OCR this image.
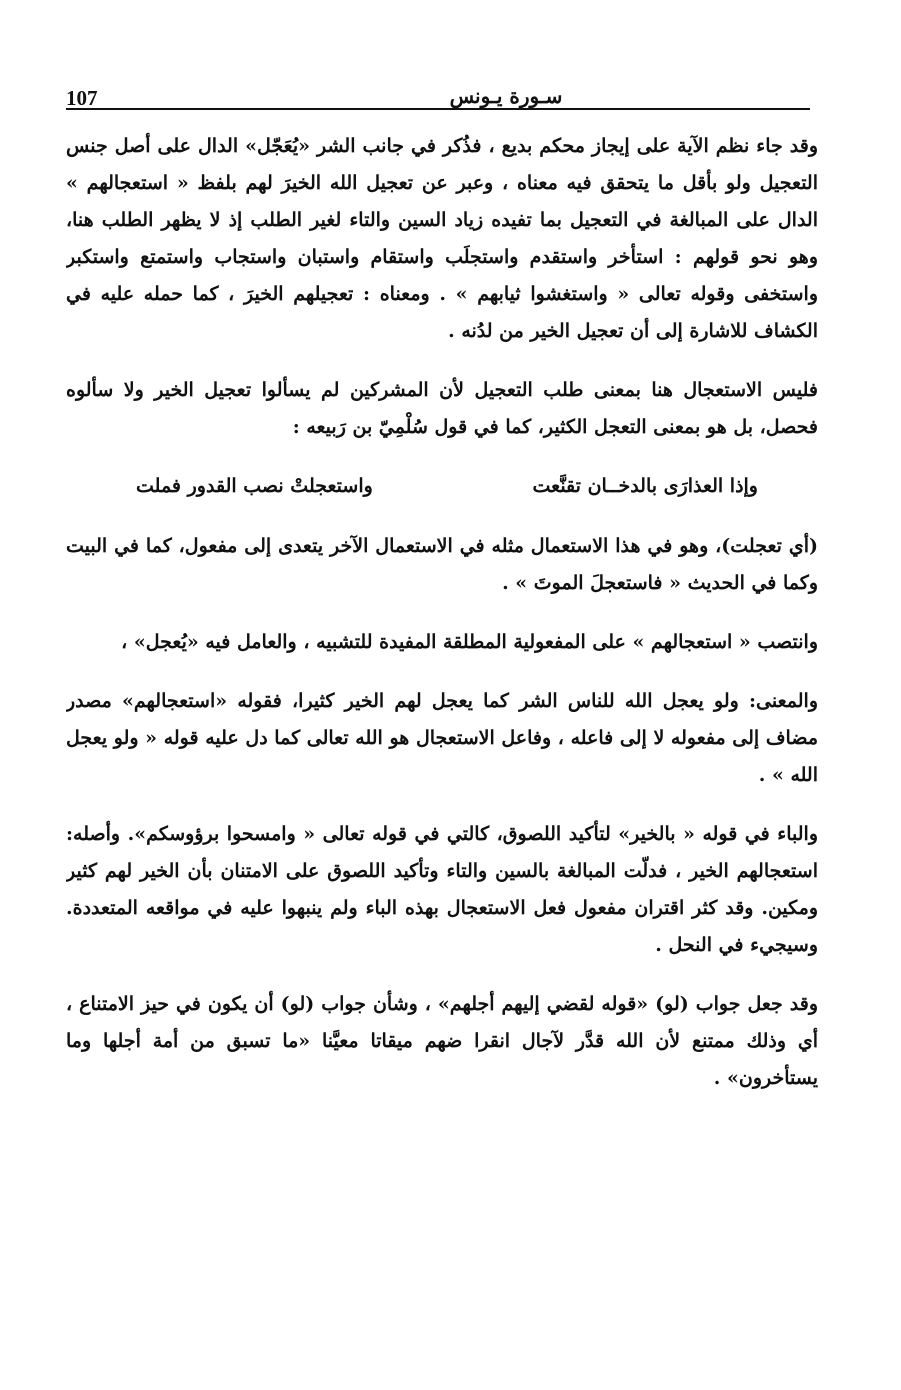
107	سـورة يـونس

وقد جاء نظم الآية على إيجاز محكم بديع ، فذُكر في جانب الشر «يُعَجّل» الدال على أصل جنس التعجيل ولو بأقل ما يتحقق فيه معناه ، وعبر عن تعجيل الله الخيرَ لهم بلفظ « استعجالهم » الدال على المبالغة في التعجيل بما تفيده زياد السين والتاء لغير الطلب إذ لا يظهر الطلب هنا، وهو نحو قولهم : استأخر واستقدم واستجلَب واستقام واستبان واستجاب واستمتع واستكبر واستخفى وقوله تعالى « واستغشوا ثيابهم » . ومعناه : تعجيلهم الخيرَ ، كما حمله عليه في الكشاف للاشارة إلى أن تعجيل الخير من لدُنه .

فليس الاستعجال هنا بمعنى طلب التعجيل لأن المشركين لم يسألوا تعجيل الخير ولا سألوه فحصل، بل هو بمعنى التعجل الكثير، كما في قول سُلْمِيّ بن رَبيعه :

وإذا العذارَى بالدخــان تقنَّعت
واستعجلتْ نصب القدور فملت

(أي تعجلت)، وهو في هذا الاستعمال مثله في الاستعمال الآخر يتعدى إلى مفعول، كما في البيت وكما في الحديث « فاستعجلَ الموتَ » .

وانتصب « استعجالهم » على المفعولية المطلقة المفيدة للتشبيه ، والعامل فيه «يُعجل» ،

والمعنى: ولو يعجل الله للناس الشر كما يعجل لهم الخير كثيرا، فقوله «استعجالهم» مصدر مضاف إلى مفعوله لا إلى فاعله ، وفاعل الاستعجال هو الله تعالى كما دل عليه قوله « ولو يعجل الله » .

والباء في قوله « بالخير» لتأكيد اللصوق، كالتي في قوله تعالى « وامسحوا برؤوسكم». وأصله: استعجالهم الخير ، فدلّت المبالغة بالسين والتاء وتأكيد اللصوق على الامتنان بأن الخير لهم كثير ومكين. وقد كثر اقتران مفعول فعل الاستعجال بهذه الباء ولم ينبهوا عليه في مواقعه المتعددة. وسيجيء في النحل .

وقد جعل جواب (لو) «قوله لقضي إليهم أجلهم» ، وشأن جواب (لو) أن يكون في حيز الامتناع ، أي وذلك ممتنع لأن الله قدَّر لآجال انقرا ضهم ميقاتا معيَّنا «ما تسبق من أمة أجلها وما يستأخرون» .
